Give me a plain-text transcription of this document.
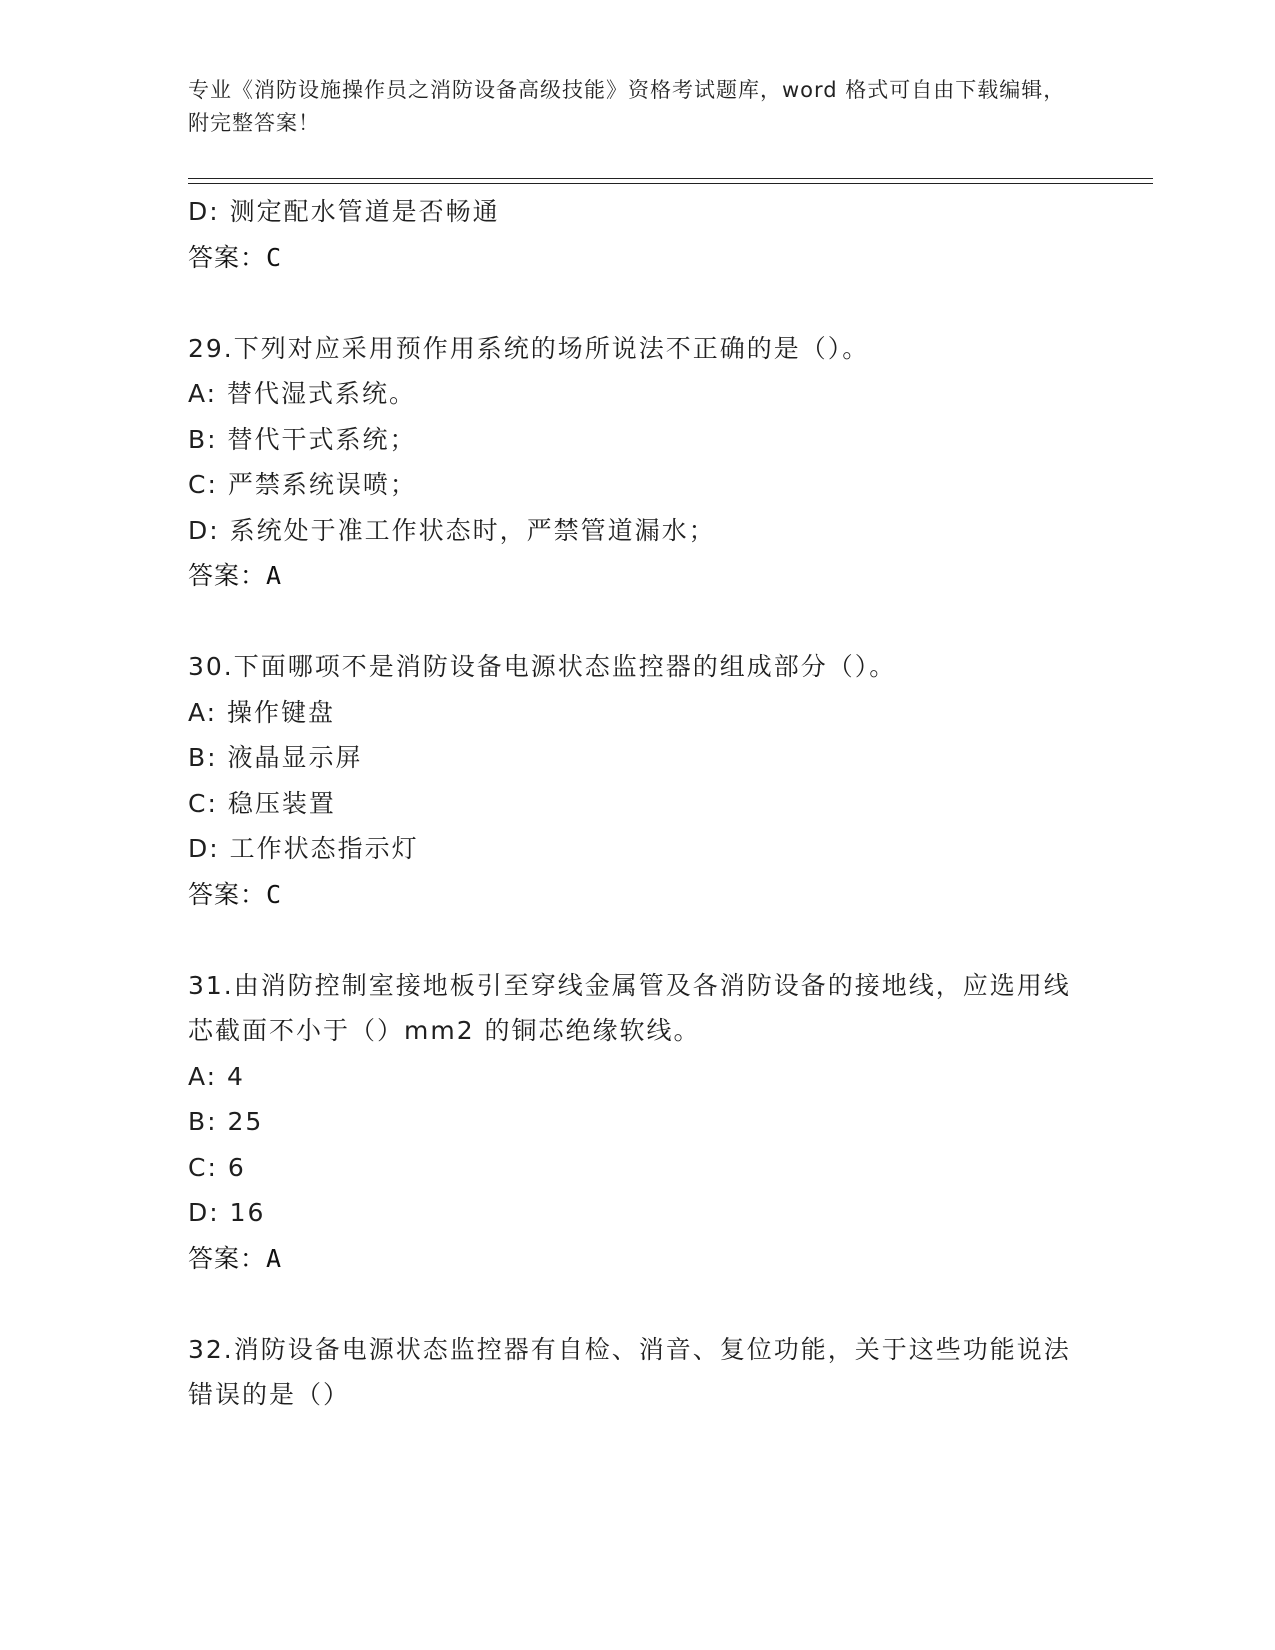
专业《消防设施操作员之消防设备高级技能》资格考试题库，word 格式可自由下载编辑，附完整答案！

D: 测定配水管道是否畅通

答案：C

29.下列对应采用预作用系统的场所说法不正确的是（）。

A: 替代湿式系统。

B: 替代干式系统；

C: 严禁系统误喷；

D: 系统处于准工作状态时，严禁管道漏水；

答案：A

30.下面哪项不是消防设备电源状态监控器的组成部分（）。

A: 操作键盘

B: 液晶显示屏

C: 稳压装置

D: 工作状态指示灯

答案：C

31.由消防控制室接地板引至穿线金属管及各消防设备的接地线，应选用线芯截面不小于（）mm2 的铜芯绝缘软线。

A: 4

B: 25

C: 6

D: 16

答案：A

32.消防设备电源状态监控器有自检、消音、复位功能，关于这些功能说法错误的是（）
